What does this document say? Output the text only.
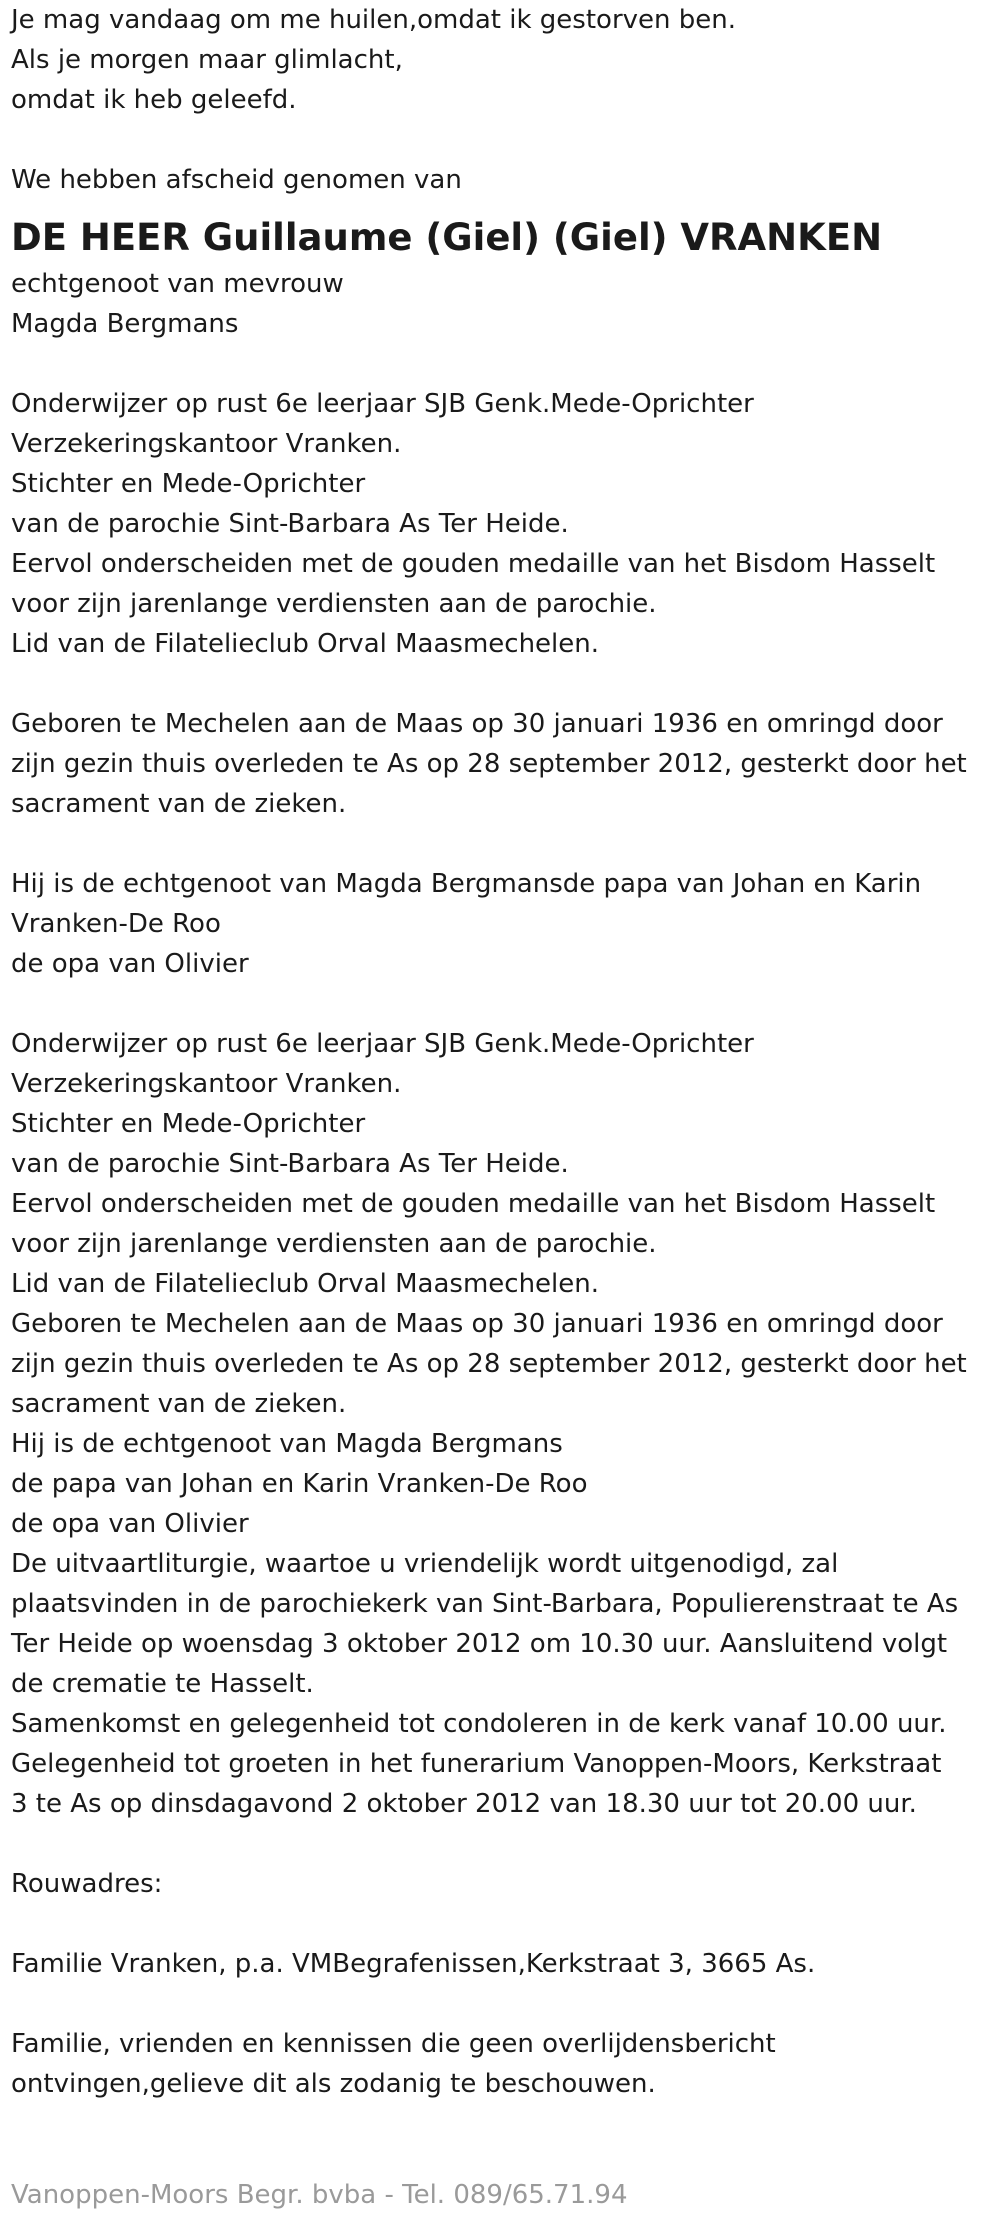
Je mag vandaag om me huilen,omdat ik gestorven ben.
Als je morgen maar glimlacht,
omdat ik heb geleefd.
We hebben afscheid genomen van
DE HEER Guillaume (Giel) (Giel) VRANKEN
echtgenoot van mevrouw
Magda Bergmans
Onderwijzer op rust 6e leerjaar SJB Genk.Mede-Oprichter
Verzekeringskantoor Vranken.
Stichter en Mede-Oprichter
van de parochie Sint-Barbara As Ter Heide.
Eervol onderscheiden met de gouden medaille van het Bisdom Hasselt
voor zijn jarenlange verdiensten aan de parochie.
Lid van de Filatelieclub Orval Maasmechelen.
Geboren te Mechelen aan de Maas op 30 januari 1936 en omringd door
zijn gezin thuis overleden te As op 28 september 2012, gesterkt door het
sacrament van de zieken.
Hij is de echtgenoot van Magda Bergmansde papa van Johan en Karin
Vranken-De Roo
de opa van Olivier
Onderwijzer op rust 6e leerjaar SJB Genk.Mede-Oprichter
Verzekeringskantoor Vranken.
Stichter en Mede-Oprichter
van de parochie Sint-Barbara As Ter Heide.
Eervol onderscheiden met de gouden medaille van het Bisdom Hasselt
voor zijn jarenlange verdiensten aan de parochie.
Lid van de Filatelieclub Orval Maasmechelen.
Geboren te Mechelen aan de Maas op 30 januari 1936 en omringd door
zijn gezin thuis overleden te As op 28 september 2012, gesterkt door het
sacrament van de zieken.
Hij is de echtgenoot van Magda Bergmans
de papa van Johan en Karin Vranken-De Roo
de opa van Olivier
De uitvaartliturgie, waartoe u vriendelijk wordt uitgenodigd, zal
plaatsvinden in de parochiekerk van Sint-Barbara, Populierenstraat te As
Ter Heide op woensdag 3 oktober 2012 om 10.30 uur. Aansluitend volgt
de crematie te Hasselt.
Samenkomst en gelegenheid tot condoleren in de kerk vanaf 10.00 uur.
Gelegenheid tot groeten in het funerarium Vanoppen-Moors, Kerkstraat
3 te As op dinsdagavond 2 oktober 2012 van 18.30 uur tot 20.00 uur.
Rouwadres:
Familie Vranken, p.a. VMBegrafenissen,Kerkstraat 3, 3665 As.
Familie, vrienden en kennissen die geen overlijdensbericht
ontvingen,gelieve dit als zodanig te beschouwen.
Vanoppen-Moors Begr. bvba - Tel. 089/65.71.94
